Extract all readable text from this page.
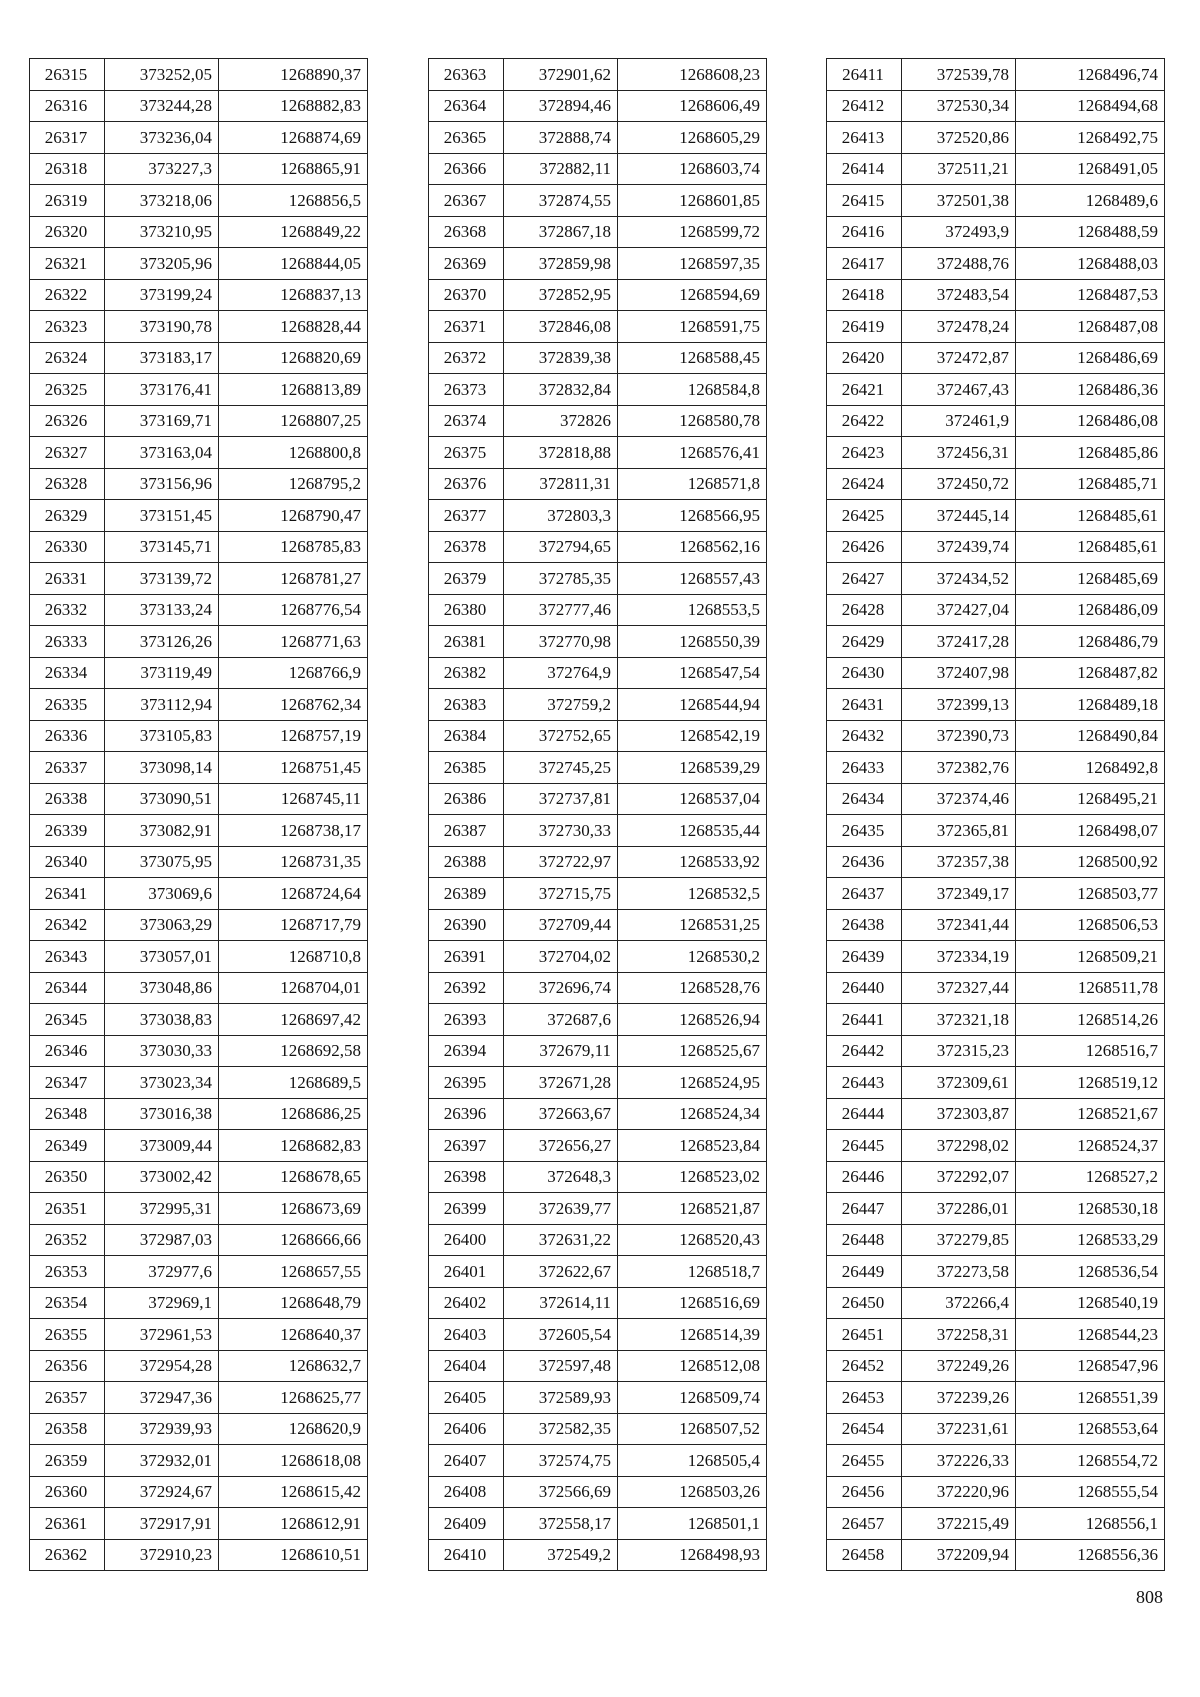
26315	373252,05	1268890,37
26316	373244,28	1268882,83
26317	373236,04	1268874,69
26318	373227,3	1268865,91
26319	373218,06	1268856,5
26320	373210,95	1268849,22
26321	373205,96	1268844,05
26322	373199,24	1268837,13
26323	373190,78	1268828,44
26324	373183,17	1268820,69
26325	373176,41	1268813,89
26326	373169,71	1268807,25
26327	373163,04	1268800,8
26328	373156,96	1268795,2
26329	373151,45	1268790,47
26330	373145,71	1268785,83
26331	373139,72	1268781,27
26332	373133,24	1268776,54
26333	373126,26	1268771,63
26334	373119,49	1268766,9
26335	373112,94	1268762,34
26336	373105,83	1268757,19
26337	373098,14	1268751,45
26338	373090,51	1268745,11
26339	373082,91	1268738,17
26340	373075,95	1268731,35
26341	373069,6	1268724,64
26342	373063,29	1268717,79
26343	373057,01	1268710,8
26344	373048,86	1268704,01
26345	373038,83	1268697,42
26346	373030,33	1268692,58
26347	373023,34	1268689,5
26348	373016,38	1268686,25
26349	373009,44	1268682,83
26350	373002,42	1268678,65
26351	372995,31	1268673,69
26352	372987,03	1268666,66
26353	372977,6	1268657,55
26354	372969,1	1268648,79
26355	372961,53	1268640,37
26356	372954,28	1268632,7
26357	372947,36	1268625,77
26358	372939,93	1268620,9
26359	372932,01	1268618,08
26360	372924,67	1268615,42
26361	372917,91	1268612,91
26362	372910,23	1268610,51
26363	372901,62	1268608,23
26364	372894,46	1268606,49
26365	372888,74	1268605,29
26366	372882,11	1268603,74
26367	372874,55	1268601,85
26368	372867,18	1268599,72
26369	372859,98	1268597,35
26370	372852,95	1268594,69
26371	372846,08	1268591,75
26372	372839,38	1268588,45
26373	372832,84	1268584,8
26374	372826	1268580,78
26375	372818,88	1268576,41
26376	372811,31	1268571,8
26377	372803,3	1268566,95
26378	372794,65	1268562,16
26379	372785,35	1268557,43
26380	372777,46	1268553,5
26381	372770,98	1268550,39
26382	372764,9	1268547,54
26383	372759,2	1268544,94
26384	372752,65	1268542,19
26385	372745,25	1268539,29
26386	372737,81	1268537,04
26387	372730,33	1268535,44
26388	372722,97	1268533,92
26389	372715,75	1268532,5
26390	372709,44	1268531,25
26391	372704,02	1268530,2
26392	372696,74	1268528,76
26393	372687,6	1268526,94
26394	372679,11	1268525,67
26395	372671,28	1268524,95
26396	372663,67	1268524,34
26397	372656,27	1268523,84
26398	372648,3	1268523,02
26399	372639,77	1268521,87
26400	372631,22	1268520,43
26401	372622,67	1268518,7
26402	372614,11	1268516,69
26403	372605,54	1268514,39
26404	372597,48	1268512,08
26405	372589,93	1268509,74
26406	372582,35	1268507,52
26407	372574,75	1268505,4
26408	372566,69	1268503,26
26409	372558,17	1268501,1
26410	372549,2	1268498,93
26411	372539,78	1268496,74
26412	372530,34	1268494,68
26413	372520,86	1268492,75
26414	372511,21	1268491,05
26415	372501,38	1268489,6
26416	372493,9	1268488,59
26417	372488,76	1268488,03
26418	372483,54	1268487,53
26419	372478,24	1268487,08
26420	372472,87	1268486,69
26421	372467,43	1268486,36
26422	372461,9	1268486,08
26423	372456,31	1268485,86
26424	372450,72	1268485,71
26425	372445,14	1268485,61
26426	372439,74	1268485,61
26427	372434,52	1268485,69
26428	372427,04	1268486,09
26429	372417,28	1268486,79
26430	372407,98	1268487,82
26431	372399,13	1268489,18
26432	372390,73	1268490,84
26433	372382,76	1268492,8
26434	372374,46	1268495,21
26435	372365,81	1268498,07
26436	372357,38	1268500,92
26437	372349,17	1268503,77
26438	372341,44	1268506,53
26439	372334,19	1268509,21
26440	372327,44	1268511,78
26441	372321,18	1268514,26
26442	372315,23	1268516,7
26443	372309,61	1268519,12
26444	372303,87	1268521,67
26445	372298,02	1268524,37
26446	372292,07	1268527,2
26447	372286,01	1268530,18
26448	372279,85	1268533,29
26449	372273,58	1268536,54
26450	372266,4	1268540,19
26451	372258,31	1268544,23
26452	372249,26	1268547,96
26453	372239,26	1268551,39
26454	372231,61	1268553,64
26455	372226,33	1268554,72
26456	372220,96	1268555,54
26457	372215,49	1268556,1
26458	372209,94	1268556,36
808
